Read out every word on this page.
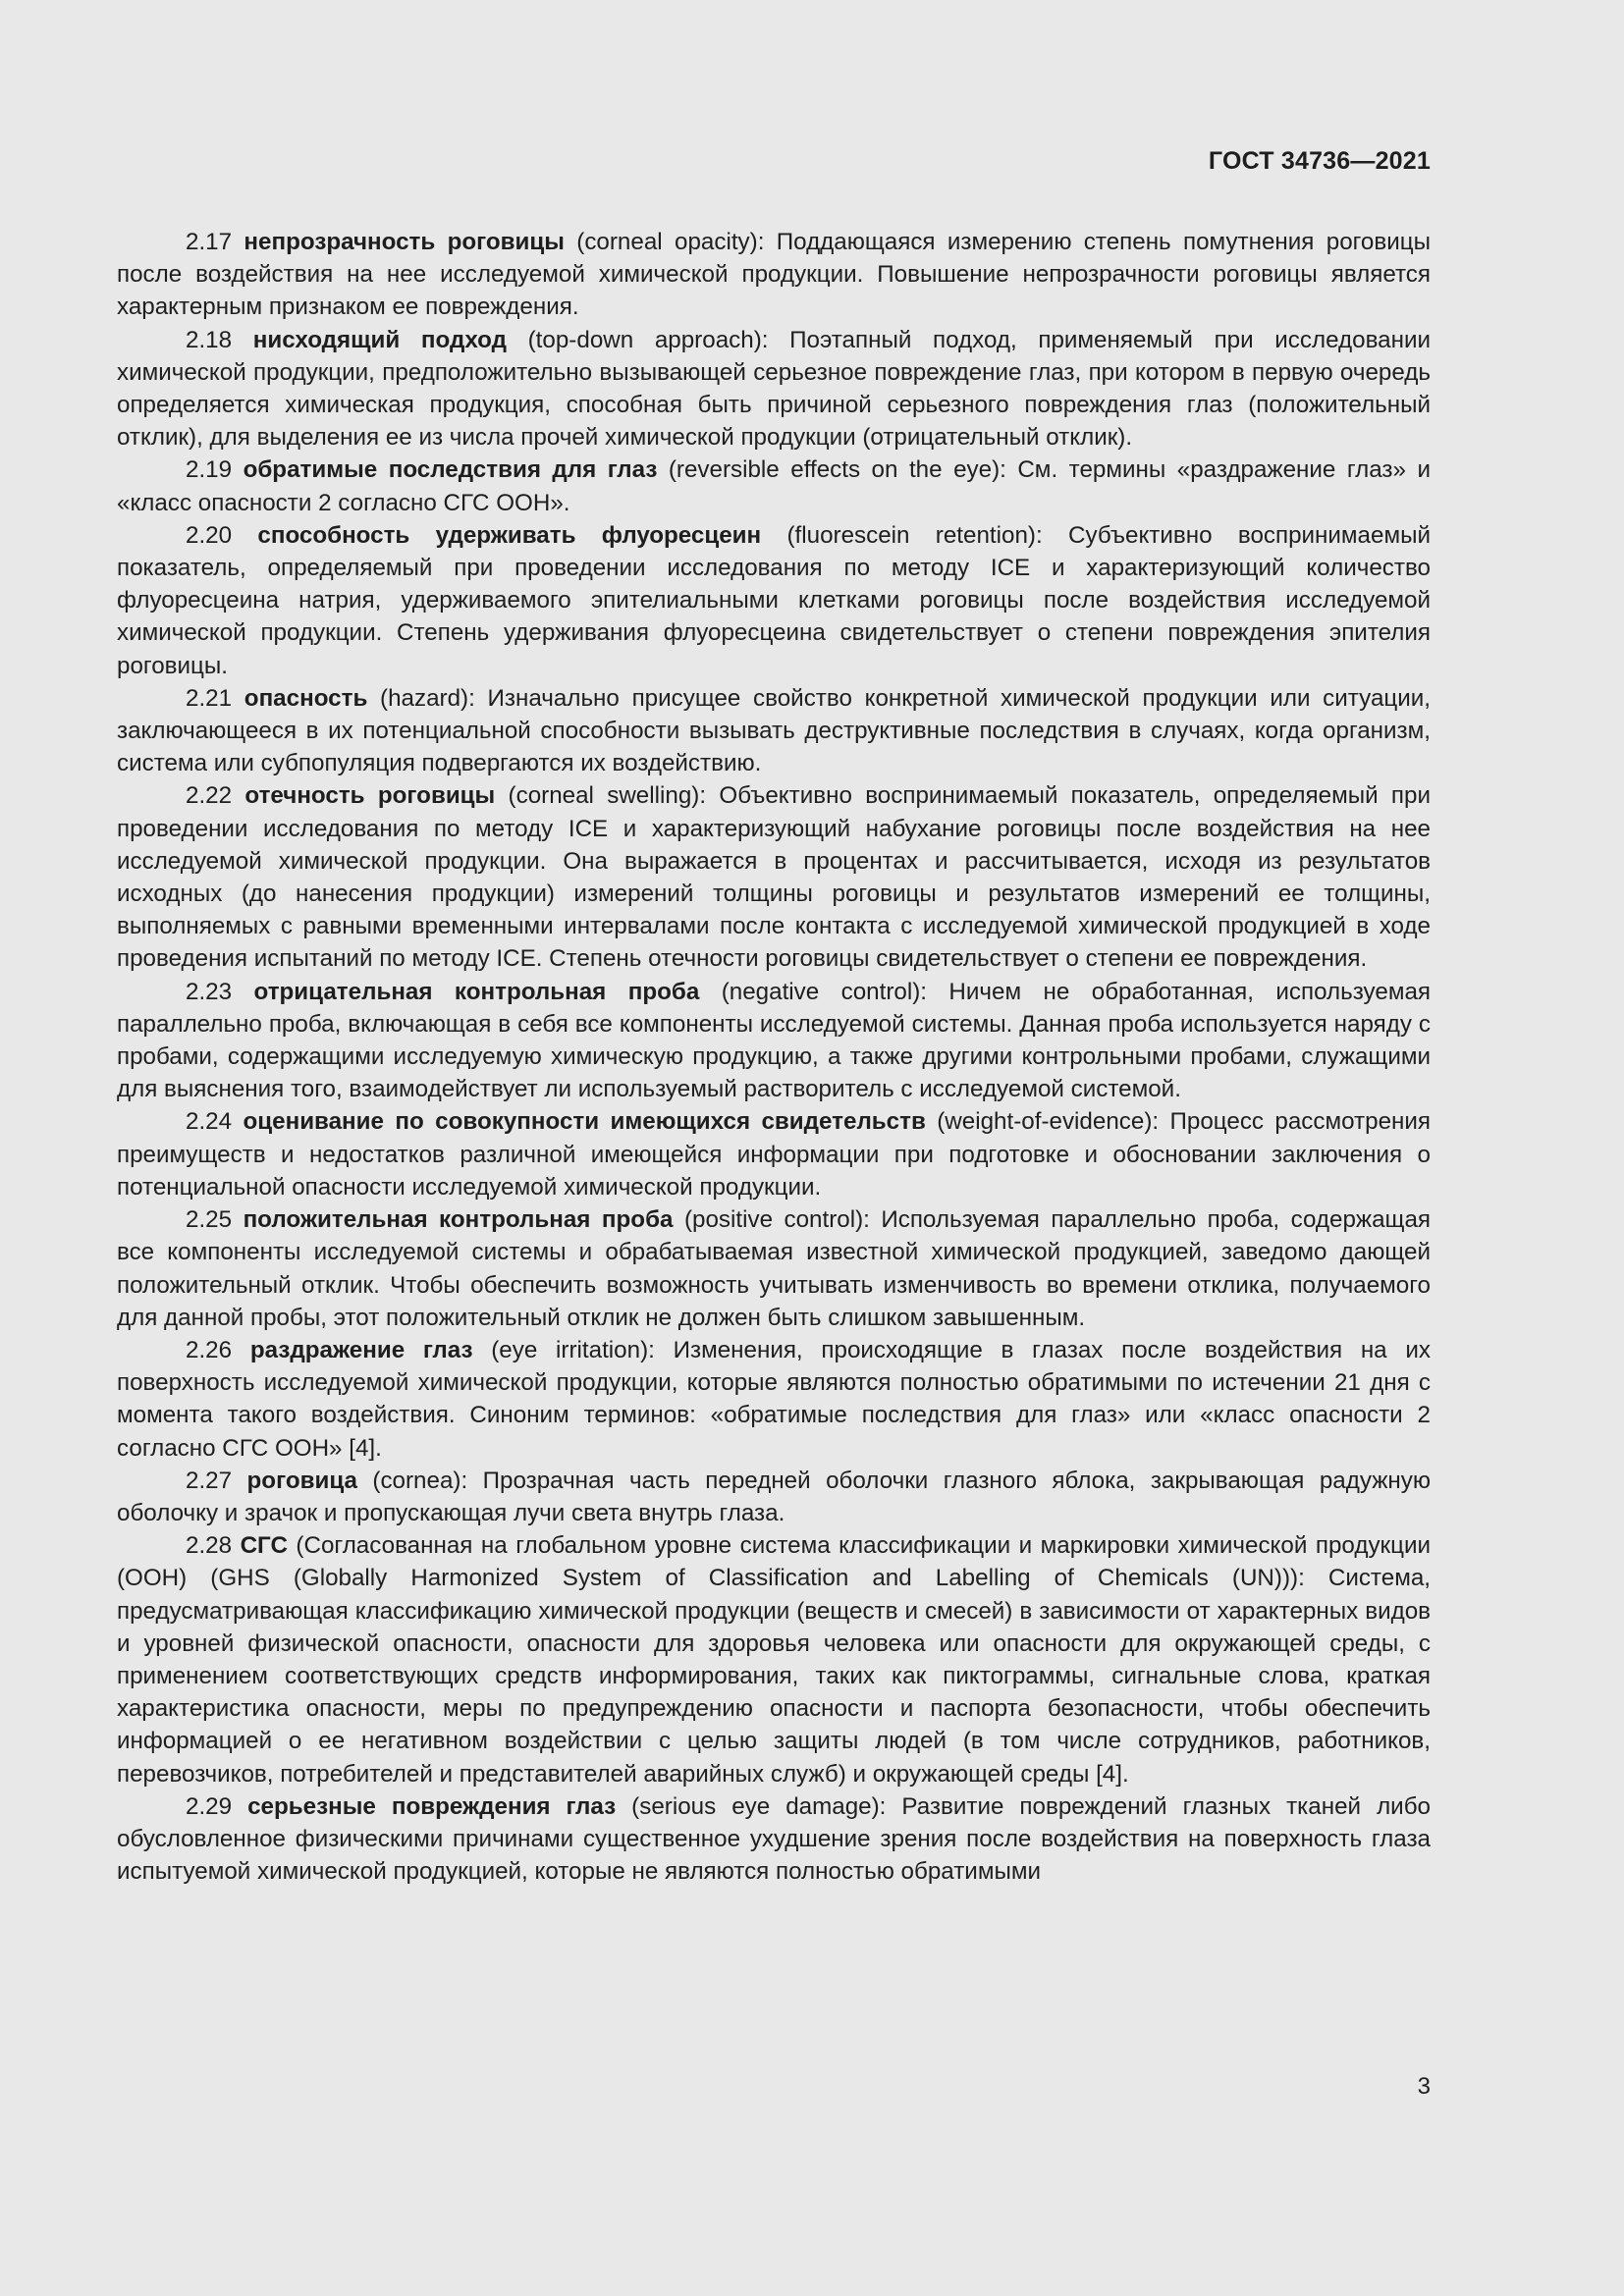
ГОСТ 34736—2021

2.17 непрозрачность роговицы (corneal opacity): Поддающаяся измерению степень помутнения роговицы после воздействия на нее исследуемой химической продукции. Повышение непрозрачности роговицы является характерным признаком ее повреждения.

2.18 нисходящий подход (top-down approach): Поэтапный подход, применяемый при исследовании химической продукции, предположительно вызывающей серьезное повреждение глаз, при котором в первую очередь определяется химическая продукция, способная быть причиной серьезного повреждения глаз (положительный отклик), для выделения ее из числа прочей химической продукции (отрицательный отклик).

2.19 обратимые последствия для глаз (reversible effects on the eye): См. термины «раздражение глаз» и «класс опасности 2 согласно СГС ООН».

2.20 способность удерживать флуоресцеин (fluorescein retention): Субъективно воспринимаемый показатель, определяемый при проведении исследования по методу ICE и характеризующий количество флуоресцеина натрия, удерживаемого эпителиальными клетками роговицы после воздействия исследуемой химической продукции. Степень удерживания флуоресцеина свидетельствует о степени повреждения эпителия роговицы.

2.21 опасность (hazard): Изначально присущее свойство конкретной химической продукции или ситуации, заключающееся в их потенциальной способности вызывать деструктивные последствия в случаях, когда организм, система или субпопуляция подвергаются их воздействию.

2.22 отечность роговицы (corneal swelling): Объективно воспринимаемый показатель, определяемый при проведении исследования по методу ICE и характеризующий набухание роговицы после воздействия на нее исследуемой химической продукции. Она выражается в процентах и рассчитывается, исходя из результатов исходных (до нанесения продукции) измерений толщины роговицы и результатов измерений ее толщины, выполняемых с равными временными интервалами после контакта с исследуемой химической продукцией в ходе проведения испытаний по методу ICE. Степень отечности роговицы свидетельствует о степени ее повреждения.

2.23 отрицательная контрольная проба (negative control): Ничем не обработанная, используемая параллельно проба, включающая в себя все компоненты исследуемой системы. Данная проба используется наряду с пробами, содержащими исследуемую химическую продукцию, а также другими контрольными пробами, служащими для выяснения того, взаимодействует ли используемый растворитель с исследуемой системой.

2.24 оценивание по совокупности имеющихся свидетельств (weight-of-evidence): Процесс рассмотрения преимуществ и недостатков различной имеющейся информации при подготовке и обосновании заключения о потенциальной опасности исследуемой химической продукции.

2.25 положительная контрольная проба (positive control): Используемая параллельно проба, содержащая все компоненты исследуемой системы и обрабатываемая известной химической продукцией, заведомо дающей положительный отклик. Чтобы обеспечить возможность учитывать изменчивость во времени отклика, получаемого для данной пробы, этот положительный отклик не должен быть слишком завышенным.

2.26 раздражение глаз (eye irritation): Изменения, происходящие в глазах после воздействия на их поверхность исследуемой химической продукции, которые являются полностью обратимыми по истечении 21 дня с момента такого воздействия. Синоним терминов: «обратимые последствия для глаз» или «класс опасности 2 согласно СГС ООН» [4].

2.27 роговица (cornea): Прозрачная часть передней оболочки глазного яблока, закрывающая радужную оболочку и зрачок и пропускающая лучи света внутрь глаза.

2.28 СГС (Согласованная на глобальном уровне система классификации и маркировки химической продукции (ООН) (GHS (Globally Harmonized System of Classification and Labelling of Chemicals (UN))): Система, предусматривающая классификацию химической продукции (веществ и смесей) в зависимости от характерных видов и уровней физической опасности, опасности для здоровья человека или опасности для окружающей среды, с применением соответствующих средств информирования, таких как пиктограммы, сигнальные слова, краткая характеристика опасности, меры по предупреждению опасности и паспорта безопасности, чтобы обеспечить информацией о ее негативном воздействии с целью защиты людей (в том числе сотрудников, работников, перевозчиков, потребителей и представителей аварийных служб) и окружающей среды [4].

2.29 серьезные повреждения глаз (serious eye damage): Развитие повреждений глазных тканей либо обусловленное физическими причинами существенное ухудшение зрения после воздействия на поверхность глаза испытуемой химической продукцией, которые не являются полностью обратимыми

3
